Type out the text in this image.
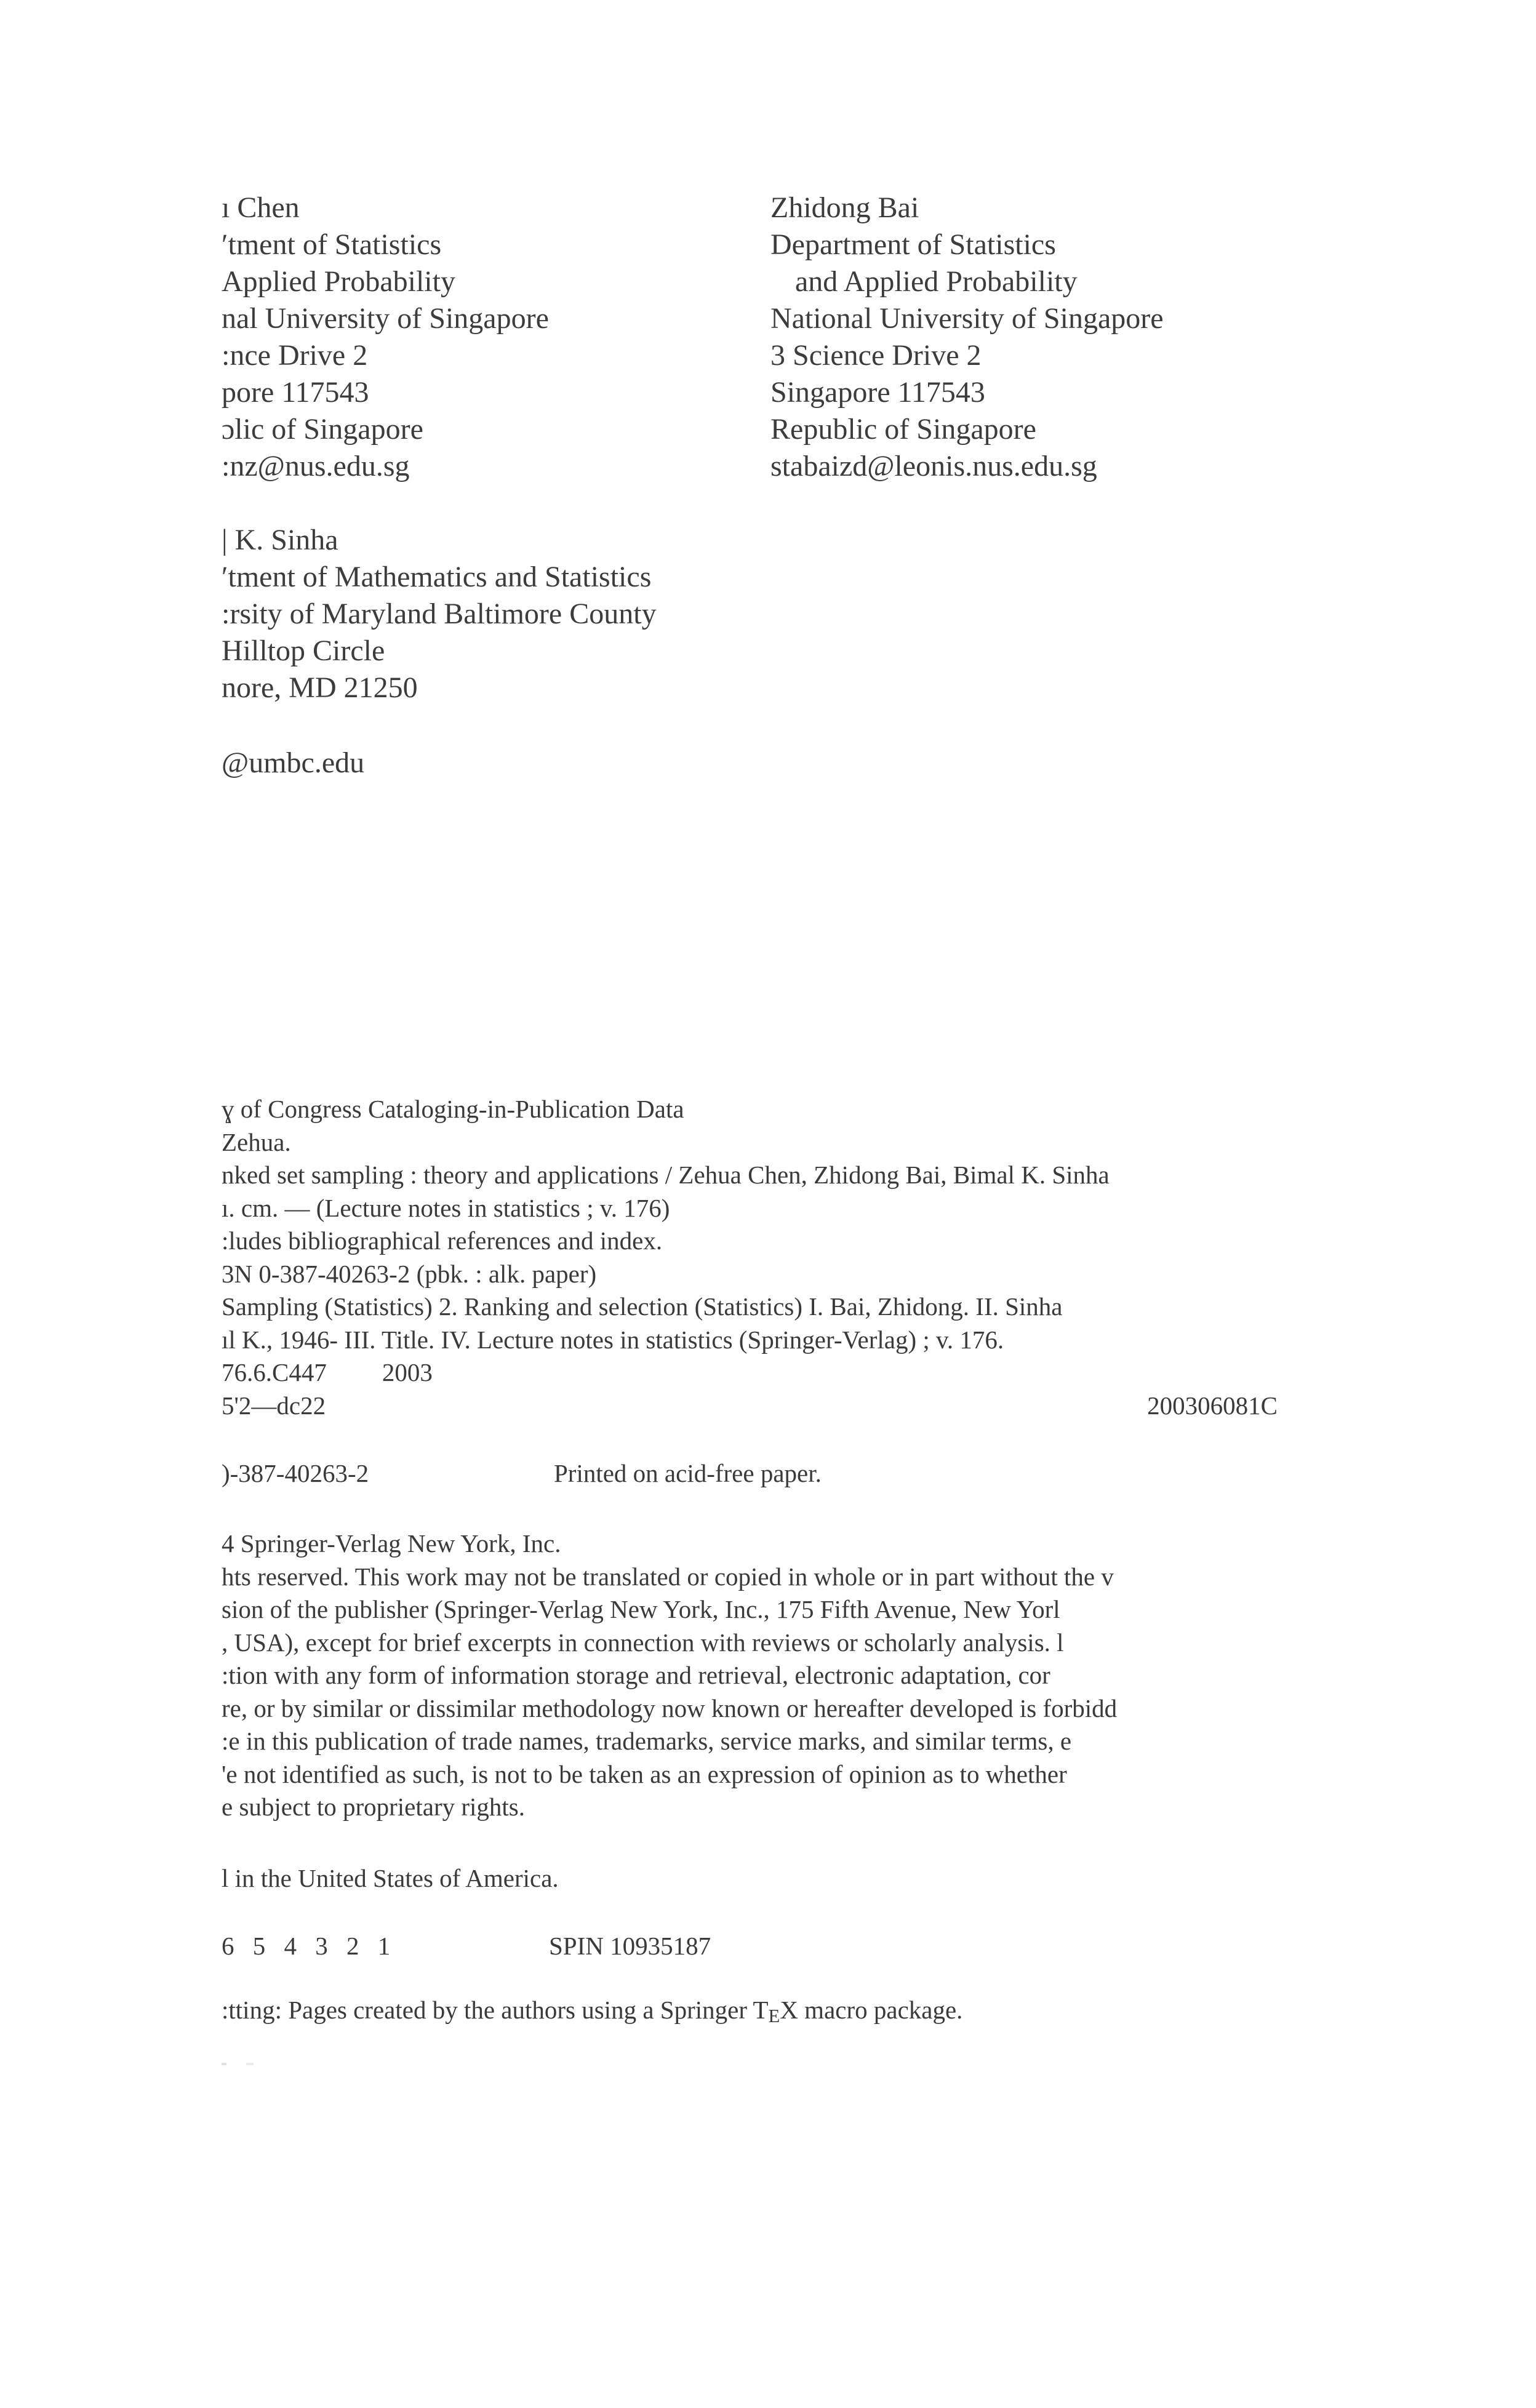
ı Chen
ʹtment of Statistics
Applied Probability
nal University of Singapore
:nce Drive 2
pore 117543
ɔlic of Singapore
:nz@nus.edu.sg
Zhidong Bai
Department of Statistics
and Applied Probability
National University of Singapore
3 Science Drive 2
Singapore 117543
Republic of Singapore
stabaizd@leonis.nus.edu.sg
| K. Sinha
ʹtment of Mathematics and Statistics
:rsity of Maryland Baltimore County
Hilltop Circle
nore, MD 21250
@umbc.edu
ɣ of Congress Cataloging-in-Publication Data
Zehua.
nked set sampling : theory and applications / Zehua Chen, Zhidong Bai, Bimal K. Sinha
ı. cm. — (Lecture notes in statistics ; v. 176)
:ludes bibliographical references and index.
3N 0-387-40263-2 (pbk. : alk. paper)
Sampling (Statistics) 2. Ranking and selection (Statistics) I. Bai, Zhidong. II. Sinha
ıl K., 1946- III. Title. IV. Lecture notes in statistics (Springer-Verlag) ; v. 176.
76.6.C447 2003
5'2—dc22	200306081C
)-387-40263-2	Printed on acid-free paper.
4 Springer-Verlag New York, Inc.
hts reserved. This work may not be translated or copied in whole or in part without the v
sion of the publisher (Springer-Verlag New York, Inc., 175 Fifth Avenue, New Yorl
, USA), except for brief excerpts in connection with reviews or scholarly analysis. l
:tion with any form of information storage and retrieval, electronic adaptation, cor
re, or by similar or dissimilar methodology now known or hereafter developed is forbidd
:e in this publication of trade names, trademarks, service marks, and similar terms, e
'e not identified as such, is not to be taken as an expression of opinion as to whether
e subject to proprietary rights.
l in the United States of America.
6 5 4 3 2 1	SPIN 10935187
:tting: Pages created by the authors using a Springer TEX macro package.
